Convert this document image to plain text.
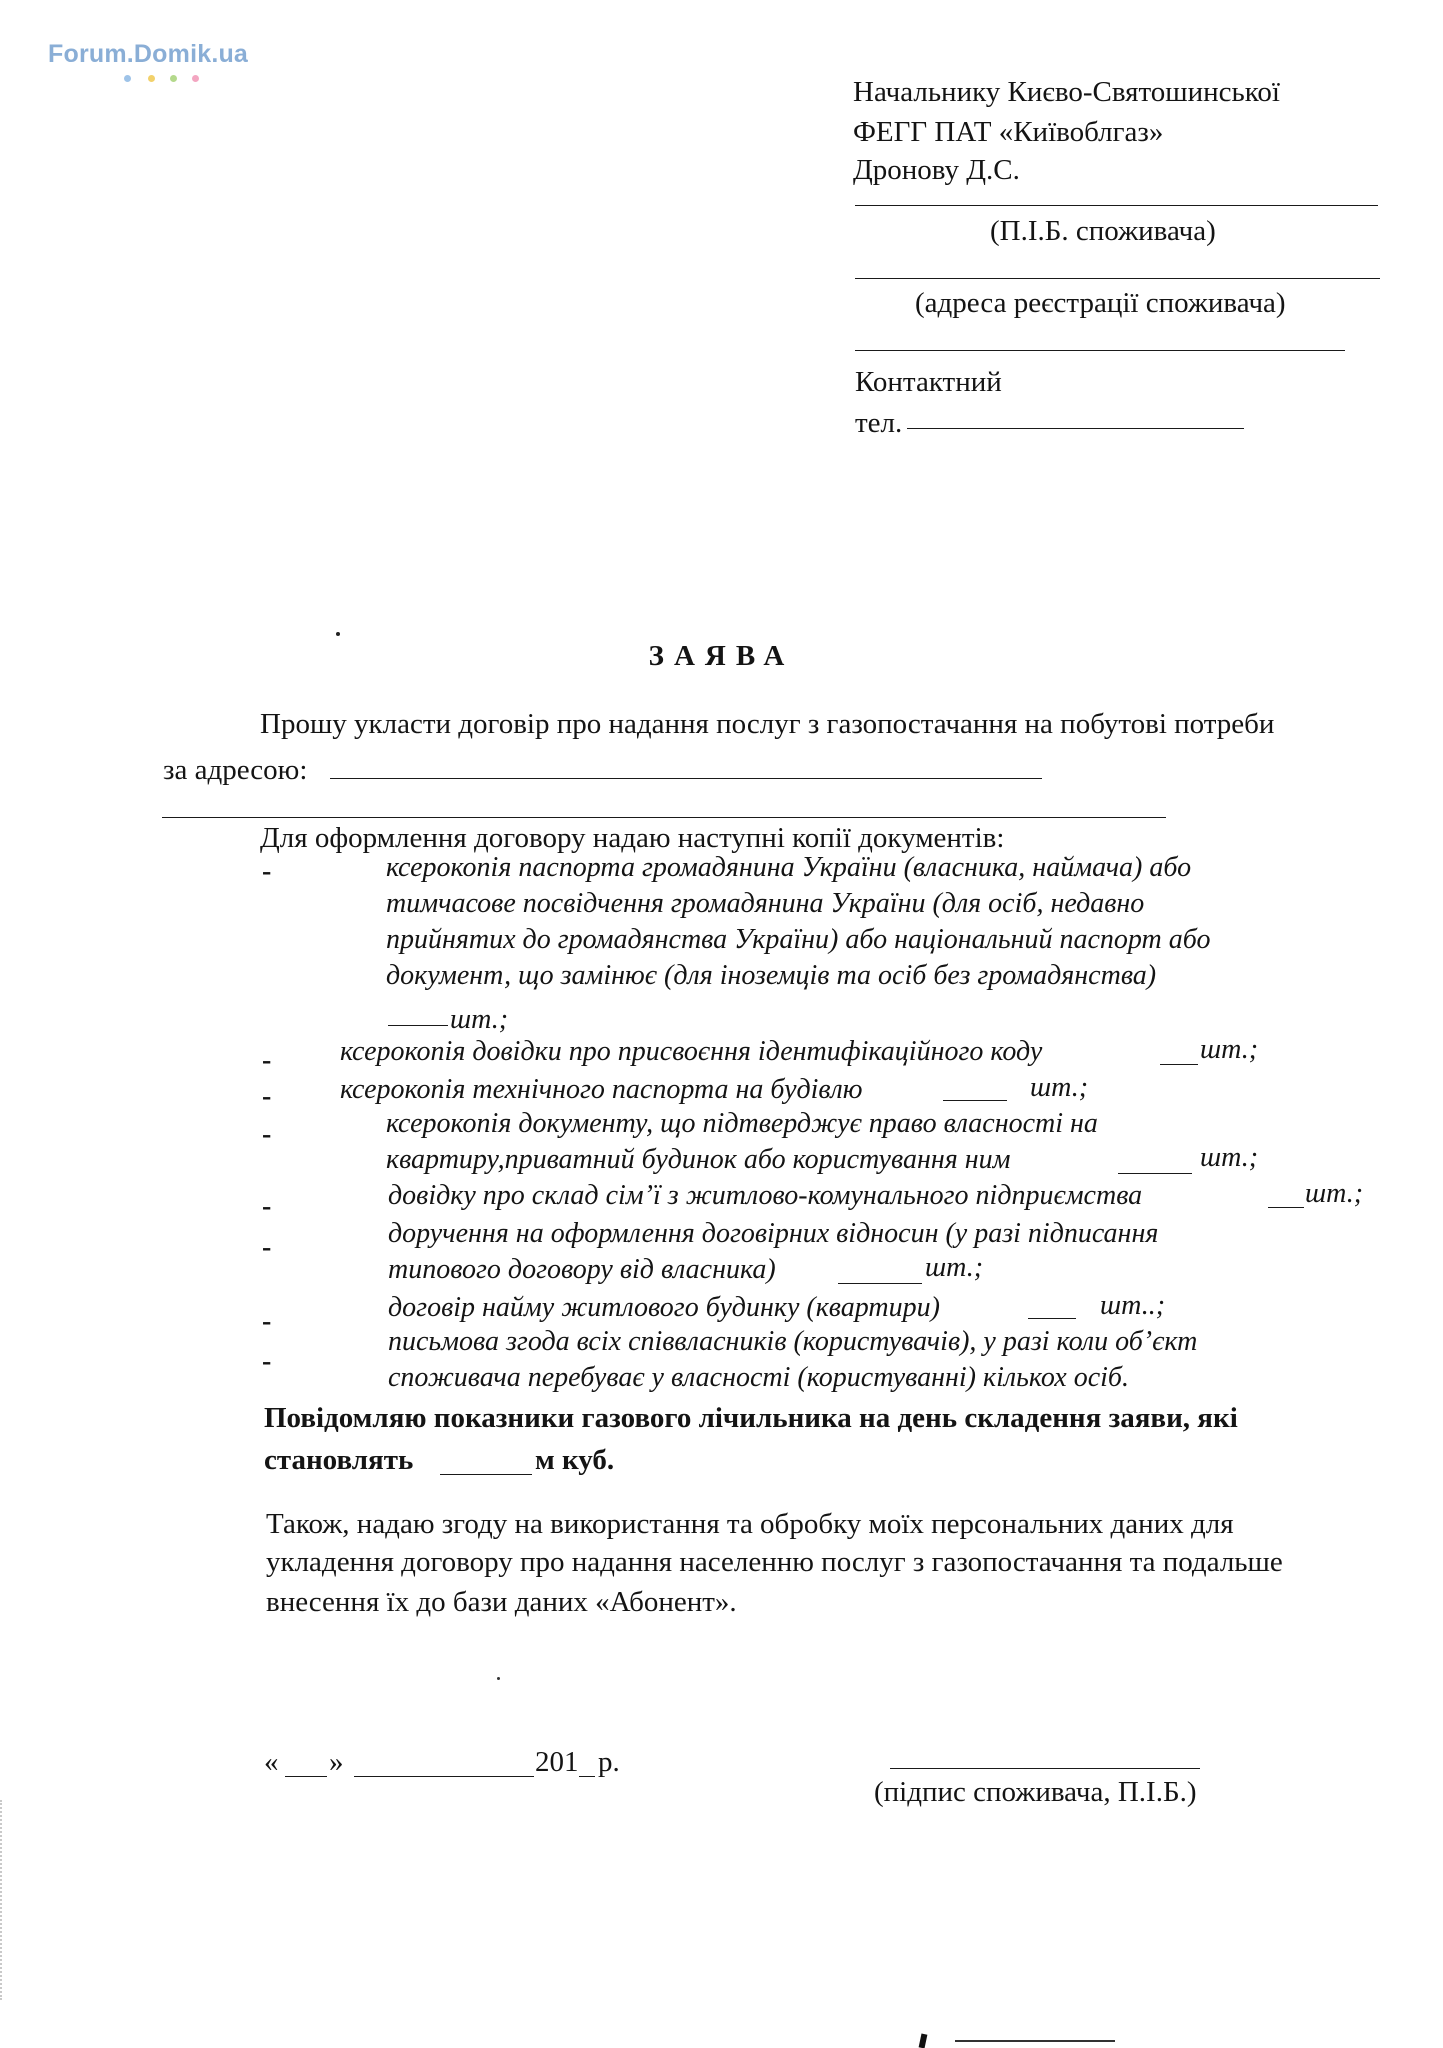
Forum.Domik.ua
Начальнику Києво-Святошинської
ФЕГГ ПАТ «Київоблгаз»
Дронову Д.С.
(П.І.Б. споживача)
(адреса реєстрації споживача)
Контактний
тел.
ЗАЯВА
Прошу укласти договір про надання послуг з газопостачання на побутові потреби
за адресою:
Для оформлення договору надаю наступні копії документів:
-	ксерокопія паспорта громадянина України (власника, наймача) або
тимчасове посвідчення громадянина України (для осіб, недавно
прийнятих до громадянства України) або національний паспорт або
документ, що замінює (для іноземців та осіб без громадянства)
шт.;
- ксерокопія довідки про присвоєння ідентифікаційного коду	шт.;
- ксерокопія технічного паспорта на будівлю	шт.;
-	ксерокопія документу, що підтверджує право власності на
квартиру,приватний будинок або користування ним	шт.;
-	довідку про склад сім’ї з житлово-комунального підприємства	шт.;
-	доручення на оформлення договірних відносин (у разі підписання
типового договору від власника)	шт.;
-	договір найму житлового будинку (квартири)	шт..;
-
письмова згода всіх співвласників (користувачів), у разі коли об’єкт
споживача перебуває у власності (користуванні) кількох осіб.
Повідомляю показники газового лічильника на день складення заяви, які
становлять	м куб.
Також, надаю згоду на використання та обробку моїх персональних даних для
укладення договору про надання населенню послуг з газопостачання та подальше
внесення їх до бази даних «Абонент».
« »	201 р.
(підпис споживача, П.І.Б.)
